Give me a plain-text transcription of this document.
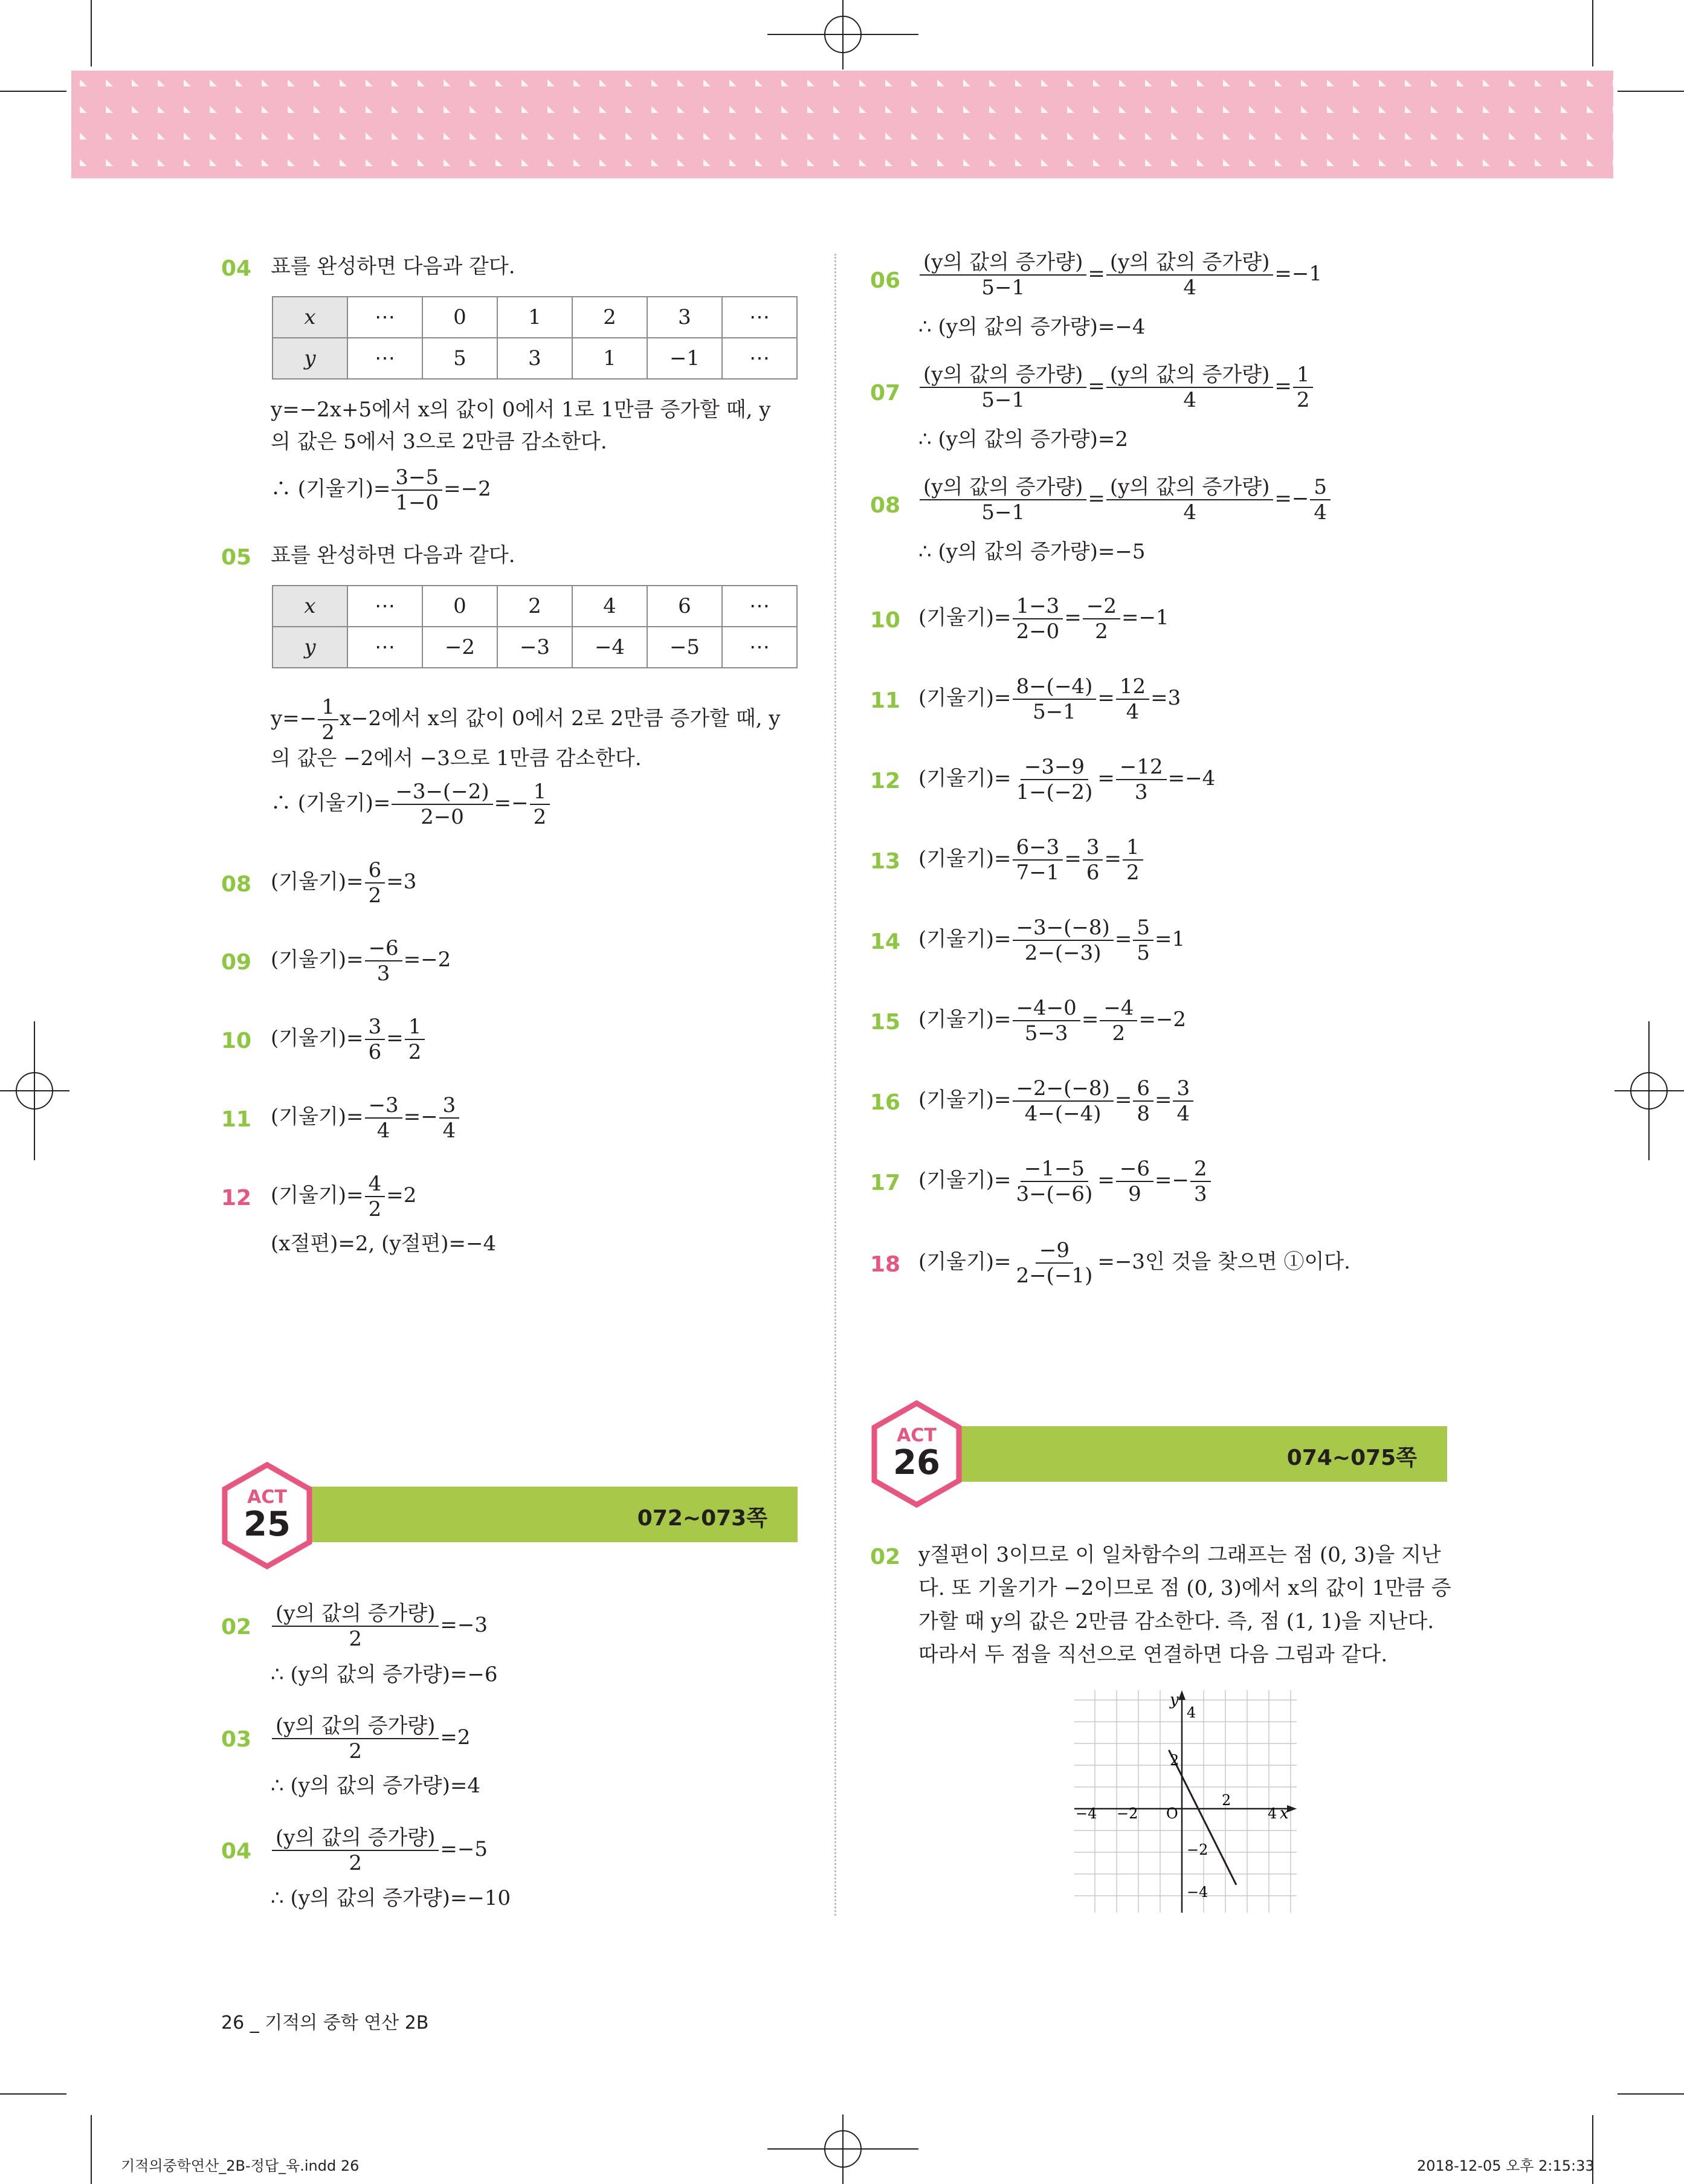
04 표를 완성하면 다음과 같다.
x	⋯	0	1	2	3	⋯
y	⋯	5	3	1	−1	⋯
y=−2x+5에서 x의 값이 0에서 1로 1만큼 증가할 때, y
의 값은 5에서 3으로 2만큼 감소한다.
∴ (기울기)= $\frac{3-5}{1-0} =-2$
05 표를 완성하면 다음과 같다.
x	⋯	0	2	4	6	⋯
y	⋯	−2	−3	−4	−5	⋯
$y=- \frac{1}{2} x-2$에서 x의 값이 0에서 2로 2만큼 증가할 때, y
의 값은 −2에서 −3으로 1만큼 감소한다.
∴ (기울기)= $\frac{-3-(-2)}{2-0} =- \frac{1}{2}$
08 (기울기)= $\frac{6}{2} =3$
09 (기울기)= $\frac{-6}{3} =-2$
10 (기울기)= $\frac{3}{6} = \frac{1}{2}$
11 (기울기)= $\frac{-3}{4} =- \frac{3}{4}$
12 (기울기)= $\frac{4}{2} =2$
(x절편)=2, (y절편)=−4
072~073쪽
ACT
25
$02 \frac{\text{(y의 값의 증가량)}}{2} =-3$
∴ (y의 값의 증가량)=−6
$03 \frac{\text{(y의 값의 증가량)}}{2} =2$
∴ (y의 값의 증가량)=4
$04 \frac{\text{(y의 값의 증가량)}}{2} =-5$
∴ (y의 값의 증가량)=−10
$06 \frac{\text{(y의 값의 증가량)}}{5-1} = \frac{\text{(y의 값의 증가량)}}{4} =-1$
∴ (y의 값의 증가량)=−4
$07 \frac{\text{(y의 값의 증가량)}}{5-1} = \frac{\text{(y의 값의 증가량)}}{4} = \frac{1}{2}$
∴ (y의 값의 증가량)=2
$08 \frac{\text{(y의 값의 증가량)}}{5-1} = \frac{\text{(y의 값의 증가량)}}{4} =- \frac{5}{4}$
∴ (y의 값의 증가량)=−5
10 (기울기)= $\frac{1-3}{2-0} = \frac{-2}{2} =-1$
11 (기울기)= $\frac{8-(-4)}{5-1} = \frac{12}{4} =3$
12 (기울기)= $\frac{-3-9}{1-(-2)} = \frac{-12}{3} =-4$
13 (기울기)= $\frac{6-3}{7-1} = \frac{3}{6} = \frac{1}{2}$
14 (기울기)= $\frac{-3-(-8)}{2-(-3)} = \frac{5}{5} =1$
15 (기울기)= $\frac{-4-0}{5-3} = \frac{-4}{2} =-2$
16 (기울기)= $\frac{-2-(-8)}{4-(-4)} = \frac{6}{8} = \frac{3}{4}$
17 (기울기)= $\frac{-1-5}{3-(-6)} = \frac{-6}{9} =- \frac{2}{3}$
18 (기울기)= $\frac{-9}{2-(-1)} =-3$인 것을 찾으면 ①이다.
074~075쪽
ACT
26
02 y절편이 3이므로 이 일차함수의 그래프는 점 (0, 3)을 지난
다. 또 기울기가 −2이므로 점 (0, 3)에서 x의 값이 1만큼 증
가할 때 y의 값은 2만큼 감소한다. 즉, 점 (1, 1)을 지난다.
따라서 두 점을 직선으로 연결하면 다음 그림과 같다.
−4 −2 O
2
4 x
4
2
−2
−4
y
26 _ 기적의 중학 연산 2B
기적의중학연산_2B-정답_육.indd 26	2018-12-05 오후 2:15:33
